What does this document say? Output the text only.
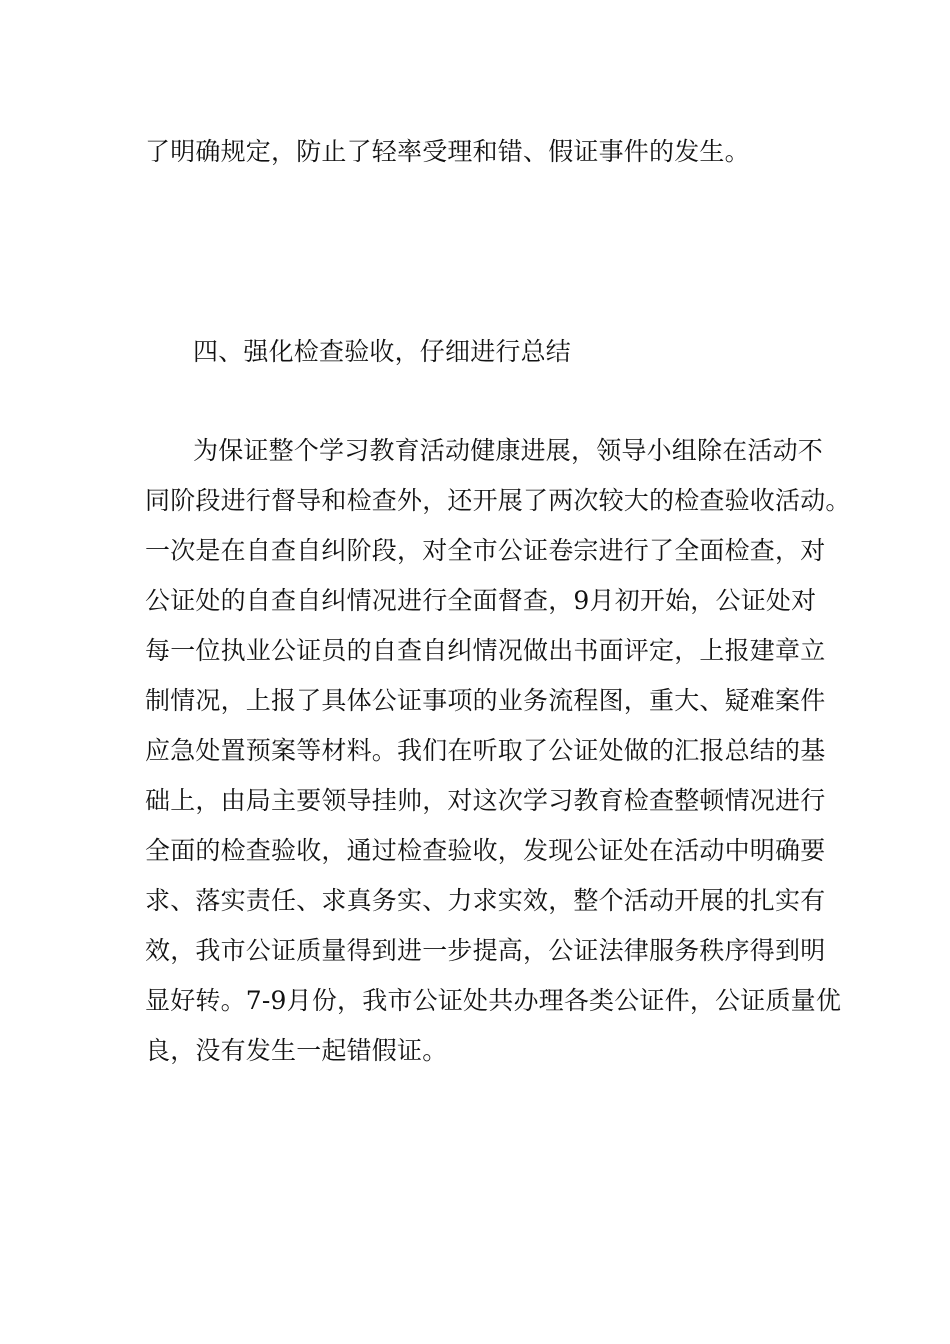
了明确规定，防止了轻率受理和错、假证事件的发生。

四、强化检查验收，仔细进行总结

为保证整个学习教育活动健康进展，领导小组除在活动不

同阶段进行督导和检查外，还开展了两次较大的检查验收活动。

一次是在自查自纠阶段，对全市公证卷宗进行了全面检查，对

公证处的自查自纠情况进行全面督查，9月初开始，公证处对

每一位执业公证员的自查自纠情况做出书面评定，上报建章立

制情况，上报了具体公证事项的业务流程图，重大、疑难案件

应急处置预案等材料。我们在听取了公证处做的汇报总结的基

础上，由局主要领导挂帅，对这次学习教育检查整顿情况进行

全面的检查验收，通过检查验收，发现公证处在活动中明确要

求、落实责任、求真务实、力求实效，整个活动开展的扎实有

效，我市公证质量得到进一步提高，公证法律服务秩序得到明

显好转。7-9月份，我市公证处共办理各类公证件，公证质量优

良，没有发生一起错假证。
